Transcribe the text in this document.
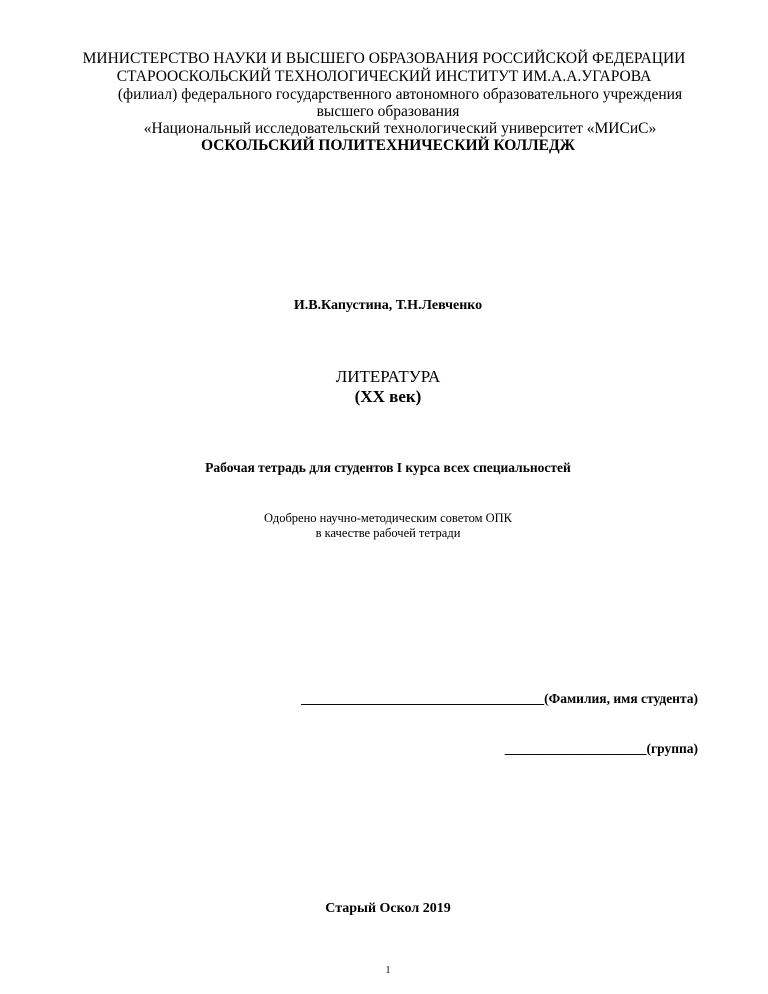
МИНИСТЕРСТВО НАУКИ И ВЫСШЕГО ОБРАЗОВАНИЯ РОССИЙСКОЙ ФЕДЕРАЦИИ
СТАРООСКОЛЬСКИЙ ТЕХНОЛОГИЧЕСКИЙ ИНСТИТУТ ИМ.А.А.УГАРОВА
(филиал) федерального государственного автономного образовательного учреждения
высшего образования
«Национальный исследовательский технологический университет «МИСиС»
ОСКОЛЬСКИЙ ПОЛИТЕХНИЧЕСКИЙ КОЛЛЕДЖ
И.В.Капустина, Т.Н.Левченко
ЛИТЕРАТУРА
(ХХ век)
Рабочая тетрадь для студентов I курса всех специальностей
Одобрено научно-методическим советом ОПК
в качестве рабочей тетради
____________________________________(Фамилия, имя студента)
_____________________(группа)
Старый Оскол 2019
1
